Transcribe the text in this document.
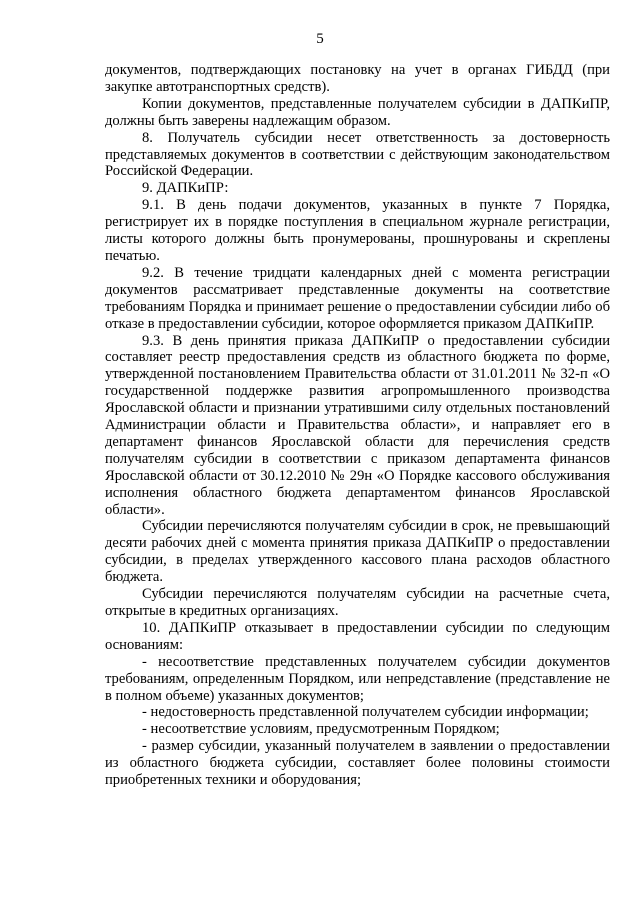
5

документов, подтверждающих постановку на учет в органах ГИБДД (при закупке автотранспортных средств).

Копии документов, представленные получателем субсидии в ДАПКиПР, должны быть заверены надлежащим образом.

8. Получатель субсидии несет ответственность за достоверность представляемых документов в соответствии с действующим законодательством Российской Федерации.

9. ДАПКиПР:

9.1. В день подачи документов, указанных в пункте 7 Порядка, регистрирует их в порядке поступления в специальном журнале регистрации, листы которого должны быть пронумерованы, прошнурованы и скреплены печатью.

9.2. В течение тридцати календарных дней с момента регистрации документов рассматривает представленные документы на соответствие требованиям Порядка и принимает решение о предоставлении субсидии либо об отказе в предоставлении субсидии, которое оформляется приказом ДАПКиПР.

9.3. В день принятия приказа ДАПКиПР о предоставлении субсидии составляет реестр предоставления средств из областного бюджета по форме, утвержденной постановлением Правительства области от 31.01.2011 № 32-п «О государственной поддержке развития агропромышленного производства Ярославской области и признании утратившими силу отдельных постановлений Администрации области и Правительства области», и направляет его в департамент финансов Ярославской области для перечисления средств получателям субсидии в соответствии с приказом департамента финансов Ярославской области от 30.12.2010 № 29н «О Порядке кассового обслуживания исполнения областного бюджета департаментом финансов Ярославской области».

Субсидии перечисляются получателям субсидии в срок, не превышающий десяти рабочих дней с момента принятия приказа ДАПКиПР о предоставлении субсидии, в пределах утвержденного кассового плана расходов областного бюджета.

Субсидии перечисляются получателям субсидии на расчетные счета, открытые в кредитных организациях.

10. ДАПКиПР отказывает в предоставлении субсидии по следующим основаниям:

- несоответствие представленных получателем субсидии документов требованиям, определенным Порядком, или непредставление (представление не в полном объеме) указанных документов;

- недостоверность представленной получателем субсидии информации;

- несоответствие условиям, предусмотренным Порядком;

- размер субсидии, указанный получателем в заявлении о предоставлении из областного бюджета субсидии, составляет более половины стоимости приобретенных техники и оборудования;
